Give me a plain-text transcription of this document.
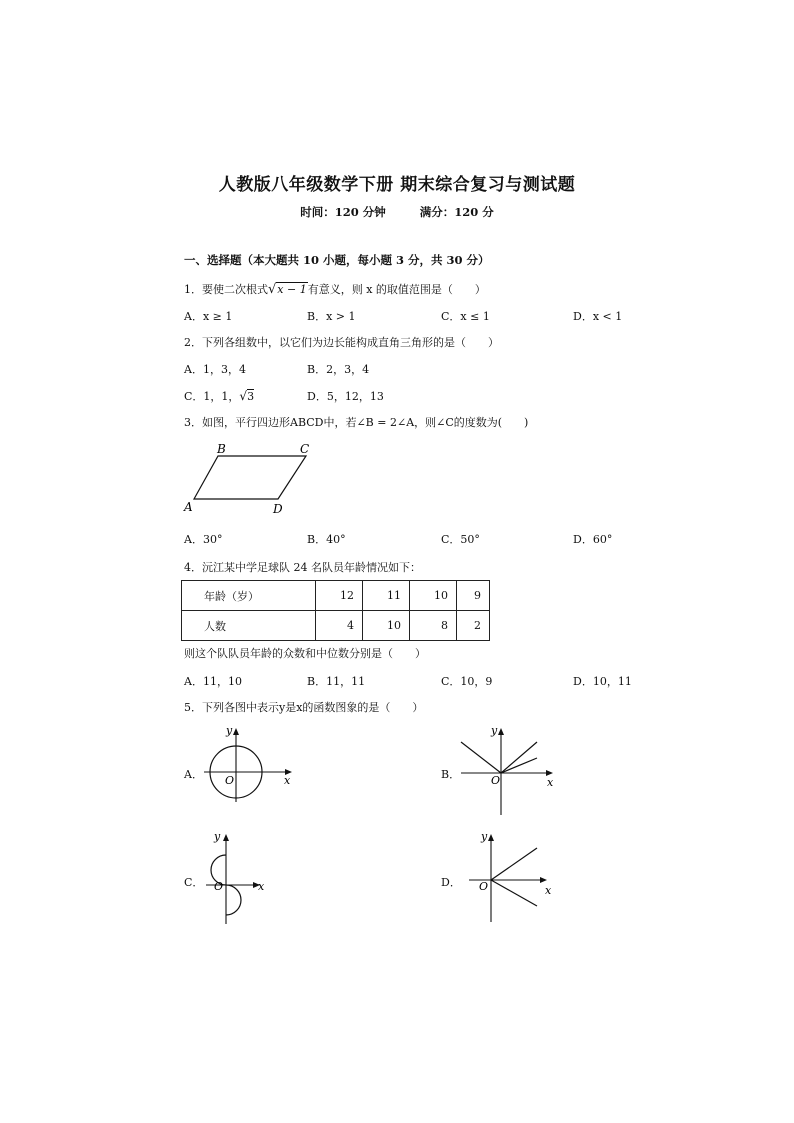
人教版八年级数学下册 期末综合复习与测试题
时间：120 分钟	满分：120 分
一、选择题（本大题共 10 小题，每小题 3 分，共 30 分）
1．要使二次根式√x − 1有意义，则 x 的取值范围是（　　）
A．x ≥ 1	B．x > 1	C．x ≤ 1	D．x < 1
2．下列各组数中，以它们为边长能构成直角三角形的是（　　）
A．1，3，4	B．2，3，4
C．1，1，√3	D．5，12，13
3．如图，平行四边形ABCD中，若∠B = 2∠A，则∠C的度数为(　　)
B	C
A	D
A．30°	B．40°	C．50°	D．60°
4．沅江某中学足球队 24 名队员年龄情况如下：
年龄（岁）	12	11	10	9
人数	4	10	8	2
则这个队队员年龄的众数和中位数分别是（　　）
A．11，10	B．11，11	C．10，9	D．10，11
5．下列各图中表示y是x的函数图象的是（　　）
A．
y
x
O	B．
y
x
O
C．
y
x
O	D．
y
x
O
